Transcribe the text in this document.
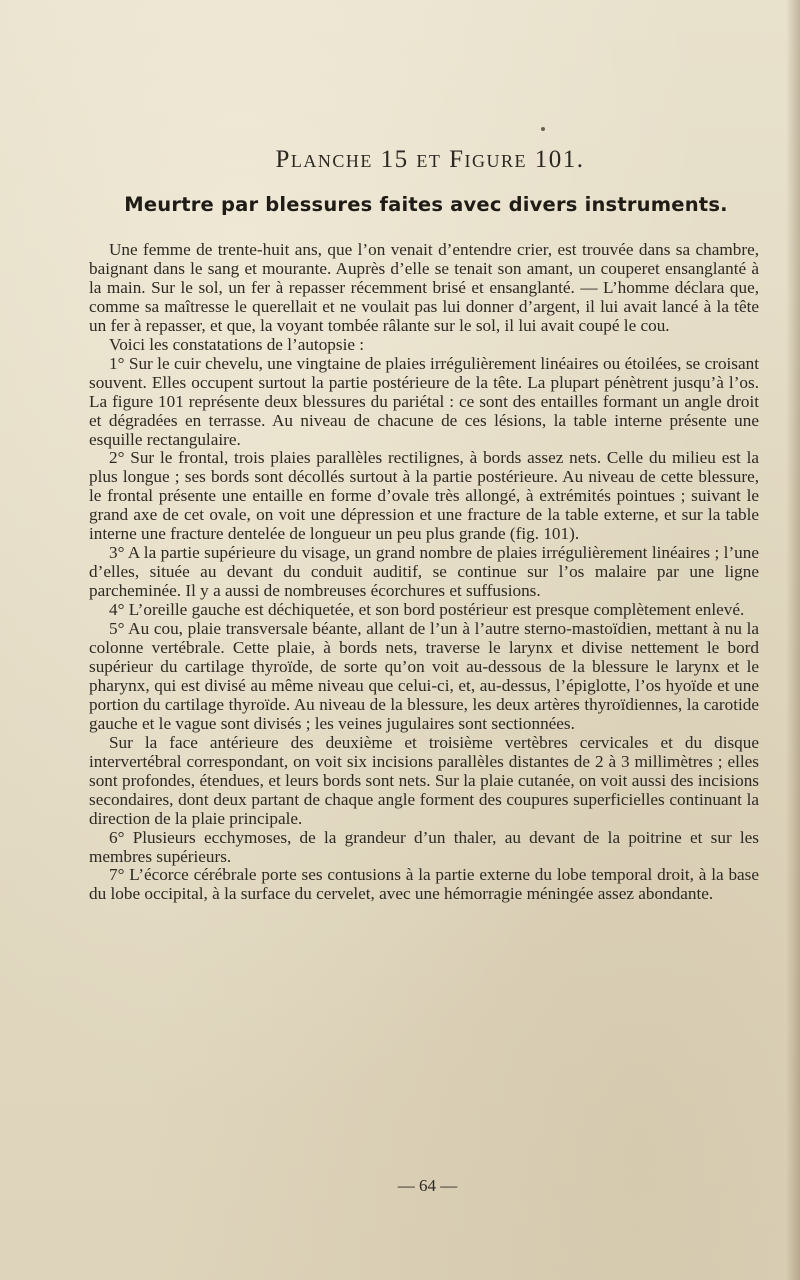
Planche 15 et Figure 101.
Meurtre par blessures faites avec divers instruments.

Une femme de trente-huit ans, que l’on venait d’entendre crier, est trouvée dans sa chambre, baignant dans le sang et mourante. Auprès d’elle se tenait son amant, un couperet ensanglanté à la main. Sur le sol, un fer à repasser récemment brisé et ensanglanté. — L’homme déclara que, comme sa maîtresse le querellait et ne voulait pas lui donner d’argent, il lui avait lancé à la tête un fer à repasser, et que, la voyant tombée râlante sur le sol, il lui avait coupé le cou.

Voici les constatations de l’autopsie :

1° Sur le cuir chevelu, une vingtaine de plaies irrégulièrement linéaires ou étoilées, se croisant souvent. Elles occupent surtout la partie postérieure de la tête. La plupart pénètrent jusqu’à l’os. La figure 101 représente deux blessures du pariétal : ce sont des entailles formant un angle droit et dégradées en terrasse. Au niveau de chacune de ces lésions, la table interne présente une esquille rectangulaire.

2° Sur le frontal, trois plaies parallèles rectilignes, à bords assez nets. Celle du milieu est la plus longue ; ses bords sont décollés surtout à la partie postérieure. Au niveau de cette blessure, le frontal présente une entaille en forme d’ovale très allongé, à extrémités pointues ; suivant le grand axe de cet ovale, on voit une dépression et une fracture de la table externe, et sur la table interne une fracture dentelée de longueur un peu plus grande (fig. 101).

3° A la partie supérieure du visage, un grand nombre de plaies irrégulièrement linéaires ; l’une d’elles, située au devant du conduit auditif, se continue sur l’os malaire par une ligne parcheminée. Il y a aussi de nombreuses écorchures et suffusions.

4° L’oreille gauche est déchiquetée, et son bord postérieur est presque complètement enlevé.

5° Au cou, plaie transversale béante, allant de l’un à l’autre sterno-mastoïdien, mettant à nu la colonne vertébrale. Cette plaie, à bords nets, traverse le larynx et divise nettement le bord supérieur du cartilage thyroïde, de sorte qu’on voit au-dessous de la blessure le larynx et le pharynx, qui est divisé au même niveau que celui-ci, et, au-dessus, l’épiglotte, l’os hyoïde et une portion du cartilage thyroïde. Au niveau de la blessure, les deux artères thyroïdiennes, la carotide gauche et le vague sont divisés ; les veines jugulaires sont sectionnées.

Sur la face antérieure des deuxième et troisième vertèbres cervicales et du disque intervertébral correspondant, on voit six incisions parallèles distantes de 2 à 3 millimètres ; elles sont profondes, étendues, et leurs bords sont nets. Sur la plaie cutanée, on voit aussi des incisions secondaires, dont deux partant de chaque angle forment des coupures superficielles continuant la direction de la plaie principale.

6° Plusieurs ecchymoses, de la grandeur d’un thaler, au devant de la poitrine et sur les membres supérieurs.

7° L’écorce cérébrale porte ses contusions à la partie externe du lobe temporal droit, à la base du lobe occipital, à la surface du cervelet, avec une hémorragie méningée assez abondante.

— 64 —
